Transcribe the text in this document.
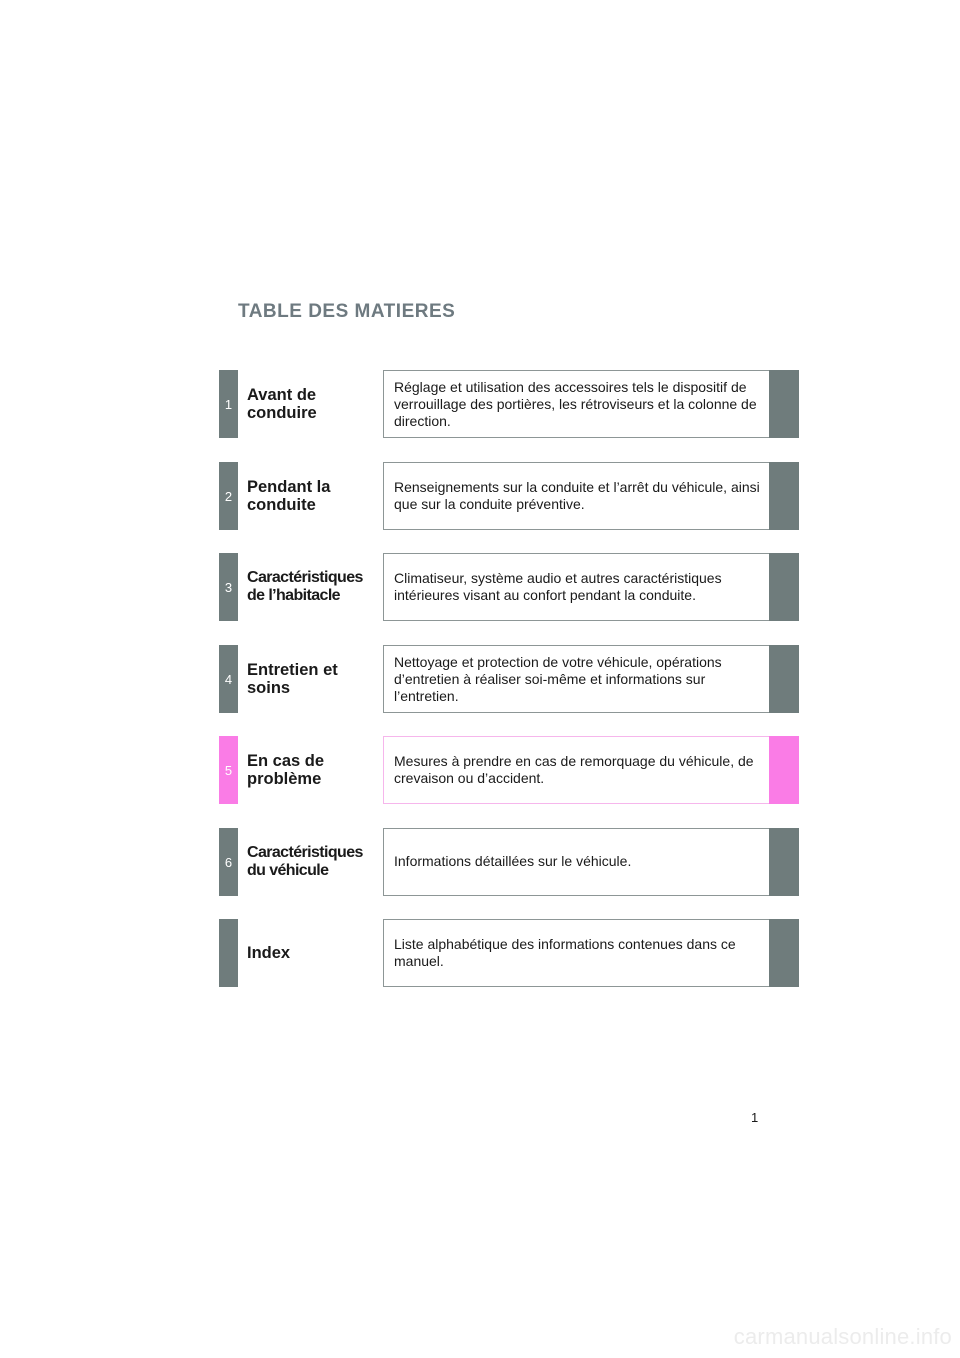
TABLE DES MATIERES
1 Avant de
conduire
Réglage et utilisation des accessoires tels le dispositif de verrouillage des portières, les rétroviseurs et la colonne de direction.
2 Pendant la
conduite
Renseignements sur la conduite et l’arrêt du véhicule, ainsi que sur la conduite préventive.
3
Caractéristiques
de l’habitacle
Climatiseur, système audio et autres caractéristiques intérieures visant au confort pendant la conduite.
4 Entretien et
soins
Nettoyage et protection de votre véhicule, opérations d’entretien à réaliser soi-même et informations sur l’entretien.
5 En cas de
problème
Mesures à prendre en cas de remorquage du véhicule, de crevaison ou d’accident.
6
Caractéristiques
du véhicule
Informations détaillées sur le véhicule.
Index	Liste alphabétique des informations contenues dans ce manuel.
1
carmanualsonline.info
